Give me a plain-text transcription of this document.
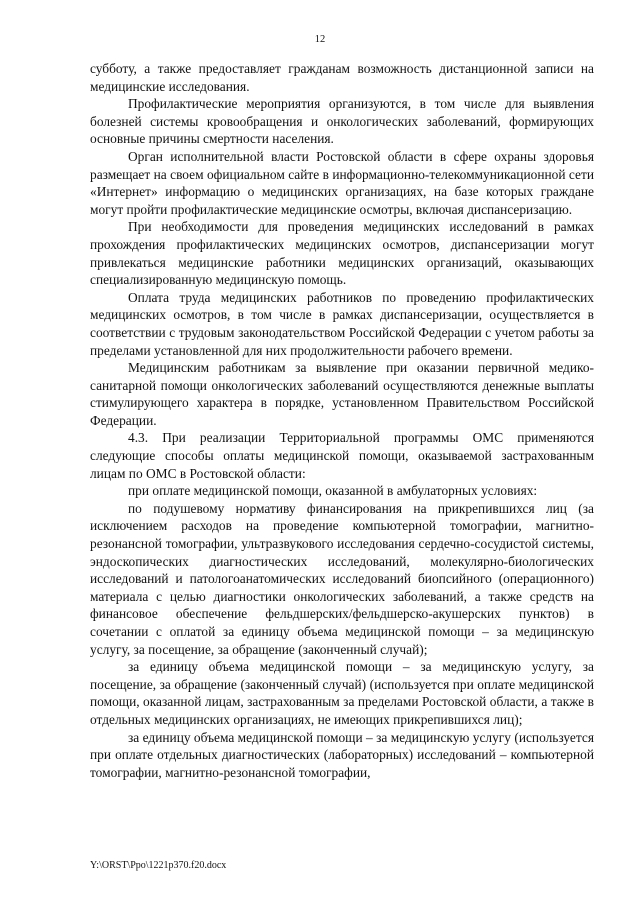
12

субботу, а также предоставляет гражданам возможность дистанционной записи на медицинские исследования.

Профилактические мероприятия организуются, в том числе для выявления болезней системы кровообращения и онкологических заболеваний, формирующих основные причины смертности населения.

Орган исполнительной власти Ростовской области в сфере охраны здоровья размещает на своем официальном сайте в информационно-телекоммуникационной сети «Интернет» информацию о медицинских организациях, на базе которых граждане могут пройти профилактические медицинские осмотры, включая диспансеризацию.

При необходимости для проведения медицинских исследований в рамках прохождения профилактических медицинских осмотров, диспансеризации могут привлекаться медицинские работники медицинских организаций, оказывающих специализированную медицинскую помощь.

Оплата труда медицинских работников по проведению профилактических медицинских осмотров, в том числе в рамках диспансеризации, осуществляется в соответствии с трудовым законодательством Российской Федерации с учетом работы за пределами установленной для них продолжительности рабочего времени.

Медицинским работникам за выявление при оказании первичной медико-санитарной помощи онкологических заболеваний осуществляются денежные выплаты стимулирующего характера в порядке, установленном Правительством Российской Федерации.

4.3. При реализации Территориальной программы ОМС применяются следующие способы оплаты медицинской помощи, оказываемой застрахованным лицам по ОМС в Ростовской области:

при оплате медицинской помощи, оказанной в амбулаторных условиях:

по подушевому нормативу финансирования на прикрепившихся лиц (за исключением расходов на проведение компьютерной томографии, магнитно-резонансной томографии, ультразвукового исследования сердечно-сосудистой системы, эндоскопических диагностических исследований, молекулярно-биологических исследований и патологоанатомических исследований биопсийного (операционного) материала с целью диагностики онкологических заболеваний, а также средств на финансовое обеспечение фельдшерских/фельдшерско-акушерских пунктов) в сочетании с оплатой за единицу объема медицинской помощи – за медицинскую услугу, за посещение, за обращение (законченный случай);

за единицу объема медицинской помощи – за медицинскую услугу, за посещение, за обращение (законченный случай) (используется при оплате медицинской помощи, оказанной лицам, застрахованным за пределами Ростовской области, а также в отдельных медицинских организациях, не имеющих прикрепившихся лиц);

за единицу объема медицинской помощи – за медицинскую услугу (используется при оплате отдельных диагностических (лабораторных) исследований – компьютерной томографии, магнитно-резонансной томографии,

Y:\ORST\Ppo\1221p370.f20.docx
